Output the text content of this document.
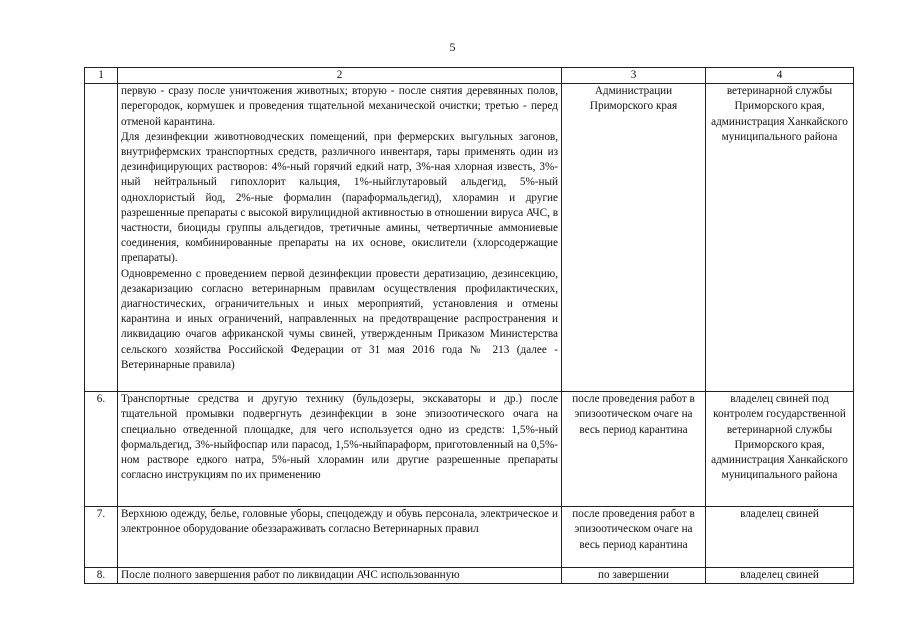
5
1	2	3	4

	первую - сразу после уничтожения животных; вторую - после снятия деревянных полов, перегородок, кормушек и проведения тщательной механической очистки; третью - перед отменой карантина.

Для дезинфекции животноводческих помещений, при фермерских выгульных загонов, внутрифермских транспортных средств, различного инвентаря, тары применять один из дезинфицирующих растворов: 4%-ный горячий едкий натр, 3%-ная хлорная известь, 3%-ный нейтральный гипохлорит кальция, 1%-ныйглутаровый альдегид, 5%-ный однохлористый йод, 2%-ные формалин (параформальдегид), хлорамин и другие разрешенные препараты с высокой вирулицидной активностью в отношении вируса АЧС, в частности, биоциды группы альдегидов, третичные амины, четвертичные аммониевые соединения, комбинированные препараты на их основе, окислители (хлорсодержащие препараты).

Одновременно с проведением первой дезинфекции провести дератизацию, дезинсекцию, дезакаризацию согласно ветеринарным правилам осуществления профилактических, диагностических, ограничительных и иных мероприятий, установления и отмены карантина и иных ограничений, направленных на предотвращение распространения и ликвидацию очагов африканской чумы свиней, утвержденным Приказом Министерства сельского хозяйства Российской Федерации от 31 мая 2016 года № 213 (далее - Ветеринарные правила)	Администрации Приморского края	ветеринарной службы Приморского края, администрация Ханкайского муниципального района
6.	Транспортные средства и другую технику (бульдозеры, экскаваторы и др.) после тщательной промывки подвергнуть дезинфекции в зоне эпизоотического очага на специально отведенной площадке, для чего используется одно из средств: 1,5%-ный формальдегид, 3%-ныйфоспар или парасод, 1,5%-ныйпараформ, приготовленный на 0,5%-ном растворе едкого натра, 5%-ный хлорамин или другие разрешенные препараты согласно инструкциям по их применению	после проведения работ в эпизоотическом очаге на весь период карантина	владелец свиней под контролем государственной ветеринарной службы Приморского края, администрация Ханкайского муниципального района
7.	Верхнюю одежду, белье, головные уборы, спецодежду и обувь персонала, электрическое и электронное оборудование обеззараживать согласно Ветеринарных правил	после проведения работ в эпизоотическом очаге на весь период карантина	владелец свиней
8.	После полного завершения работ по ликвидации АЧС использованную	по завершении	владелец свиней
